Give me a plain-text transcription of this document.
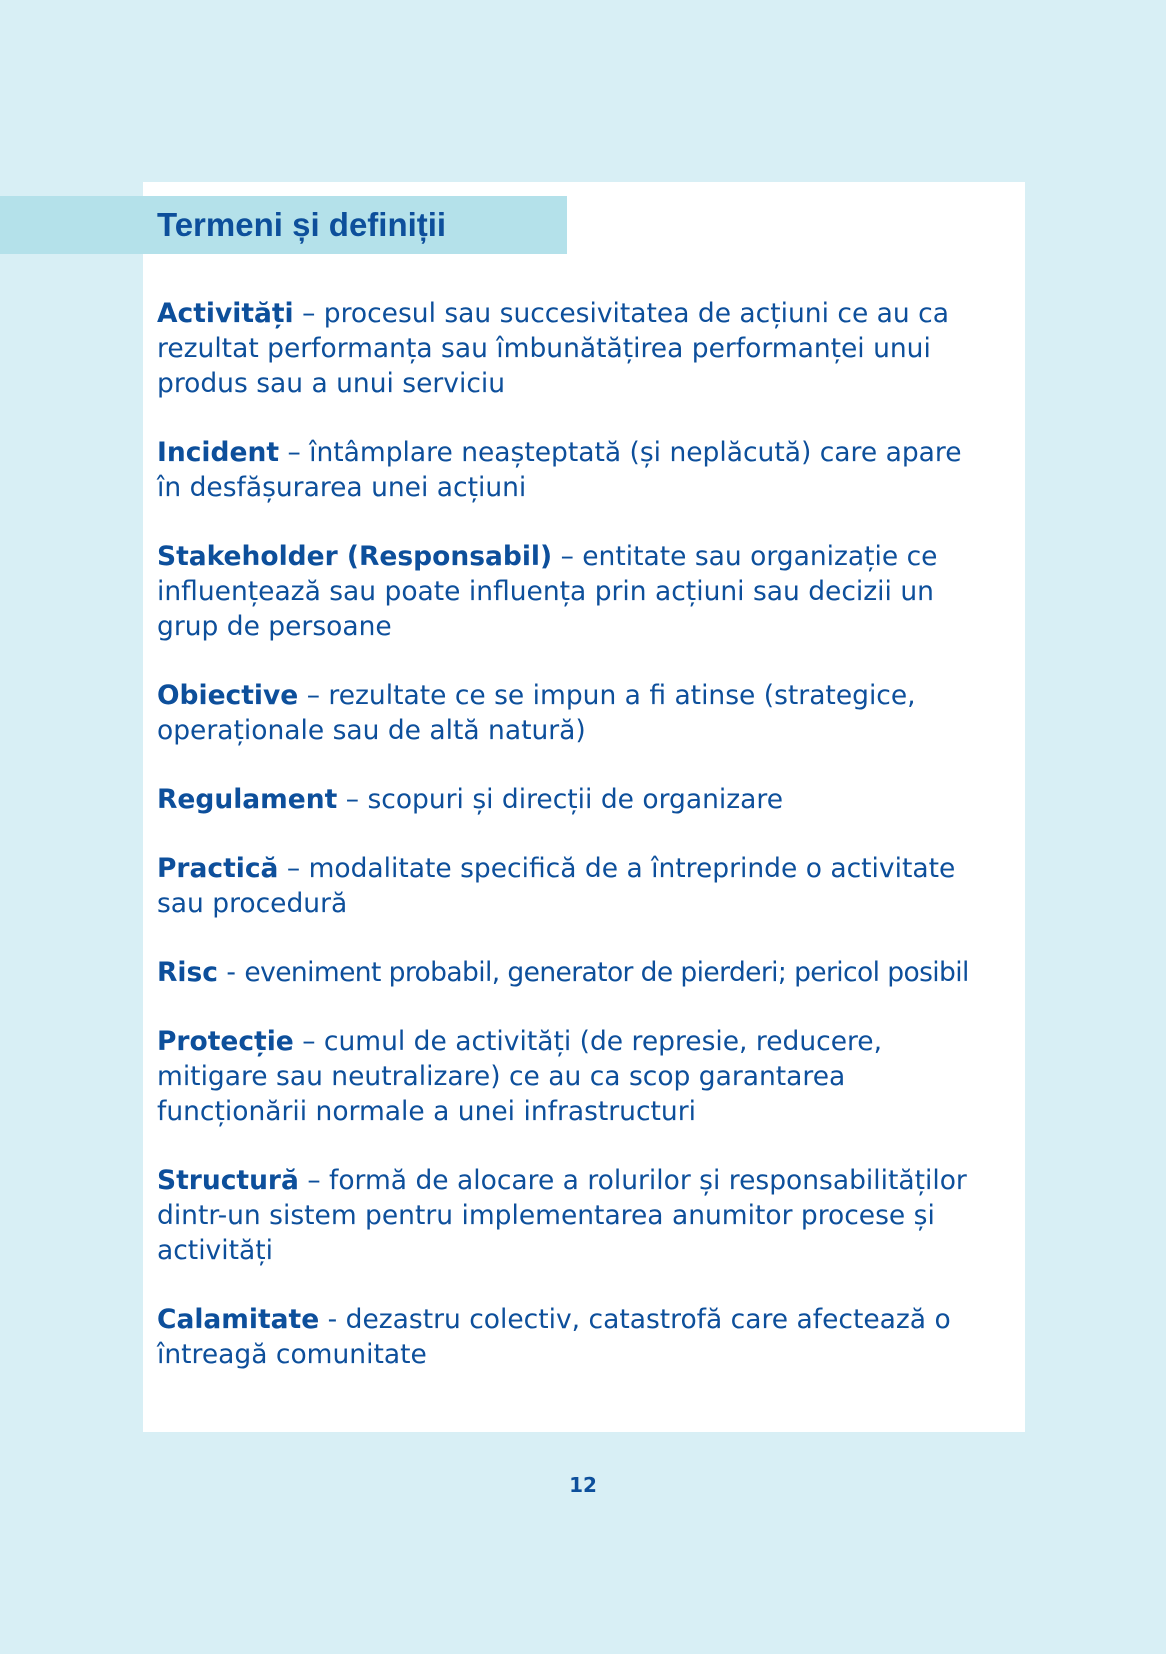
Termeni și definiții
Activități – procesul sau succesivitatea de acțiuni ce au ca
rezultat performanța sau îmbunătățirea performanței unui
produs sau a unui serviciu
Incident – întâmplare neașteptată (și neplăcută) care apare
în desfășurarea unei acțiuni
Stakeholder (Responsabil) – entitate sau organizație ce
influențează sau poate influența prin acțiuni sau decizii un
grup de persoane
Obiective – rezultate ce se impun a fi atinse (strategice,
operaționale sau de altă natură)
Regulament – scopuri și direcții de organizare
Practică – modalitate specifică de a întreprinde o activitate
sau procedură
Risc - eveniment probabil, generator de pierderi; pericol posibil
Protecție – cumul de activități (de represie, reducere,
mitigare sau neutralizare) ce au ca scop garantarea
funcționării normale a unei infrastructuri
Structură – formă de alocare a rolurilor și responsabilităților
dintr-un sistem pentru implementarea anumitor procese și
activități
Calamitate - dezastru colectiv, catastrofă care afectează o
întreagă comunitate
12
